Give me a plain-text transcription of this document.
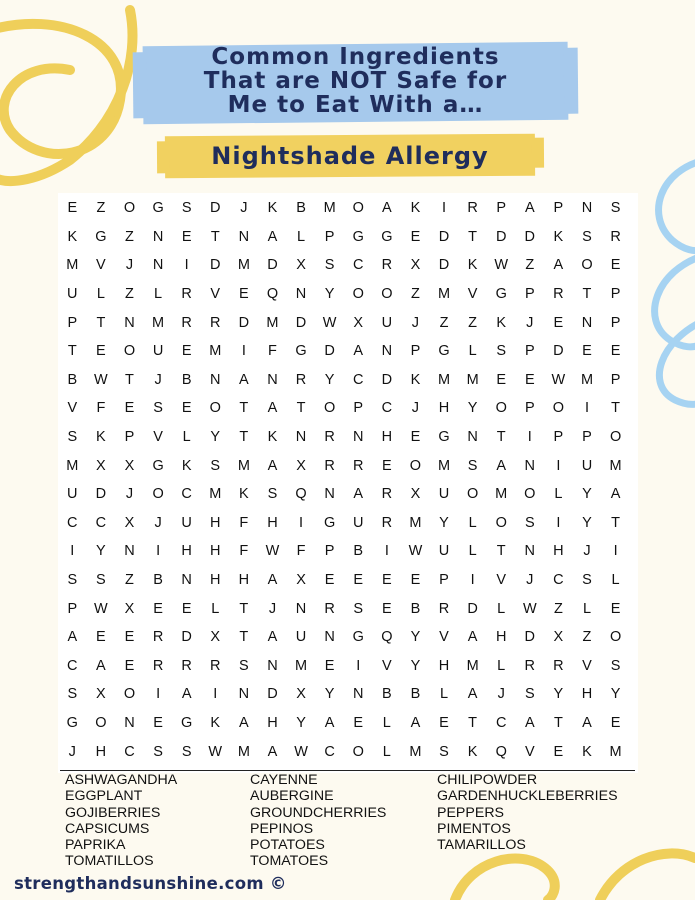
Common Ingredients
That are NOT Safe for
Me to Eat With a…
Nightshade Allergy
E	Z	O	G	S	D	J	K	B	M	O	A	K	I	R	P	A	P	N	S
K	G	Z	N	E	T	N	A	L	P	G	G	E	D	T	D	D	K	S	R
M	V	J	N	I	D	M	D	X	S	C	R	X	D	K	W	Z	A	O	E
U	L	Z	L	R	V	E	Q	N	Y	O	O	Z	M	V	G	P	R	T	P
P	T	N	M	R	R	D	M	D	W	X	U	J	Z	Z	K	J	E	N	P
T	E	O	U	E	M	I	F	G	D	A	N	P	G	L	S	P	D	E	E
B	W	T	J	B	N	A	N	R	Y	C	D	K	M	M	E	E	W	M	P
V	F	E	S	E	O	T	A	T	O	P	C	J	H	Y	O	P	O	I	T
S	K	P	V	L	Y	T	K	N	R	N	H	E	G	N	T	I	P	P	O
M	X	X	G	K	S	M	A	X	R	R	E	O	M	S	A	N	I	U	M
U	D	J	O	C	M	K	S	Q	N	A	R	X	U	O	M	O	L	Y	A
C	C	X	J	U	H	F	H	I	G	U	R	M	Y	L	O	S	I	Y	T
I	Y	N	I	H	H	F	W	F	P	B	I	W	U	L	T	N	H	J	I
S	S	Z	B	N	H	H	A	X	E	E	E	E	P	I	V	J	C	S	L
P	W	X	E	E	L	T	J	N	R	S	E	B	R	D	L	W	Z	L	E
A	E	E	R	D	X	T	A	U	N	G	Q	Y	V	A	H	D	X	Z	O
C	A	E	R	R	R	S	N	M	E	I	V	Y	H	M	L	R	R	V	S
S	X	O	I	A	I	N	D	X	Y	N	B	B	L	A	J	S	Y	H	Y
G	O	N	E	G	K	A	H	Y	A	E	L	A	E	T	C	A	T	A	E
J	H	C	S	S	W	M	A	W	C	O	L	M	S	K	Q	V	E	K	M
ASHWAGANDHA
EGGPLANT
GOJIBERRIES
CAPSICUMS
PAPRIKA
TOMATILLOS
CAYENNE
AUBERGINE
GROUNDCHERRIES
PEPINOS
POTATOES
TOMATOES
CHILIPOWDER
GARDENHUCKLEBERRIES
PEPPERS
PIMENTOS
TAMARILLOS
strengthandsunshine.com ©
